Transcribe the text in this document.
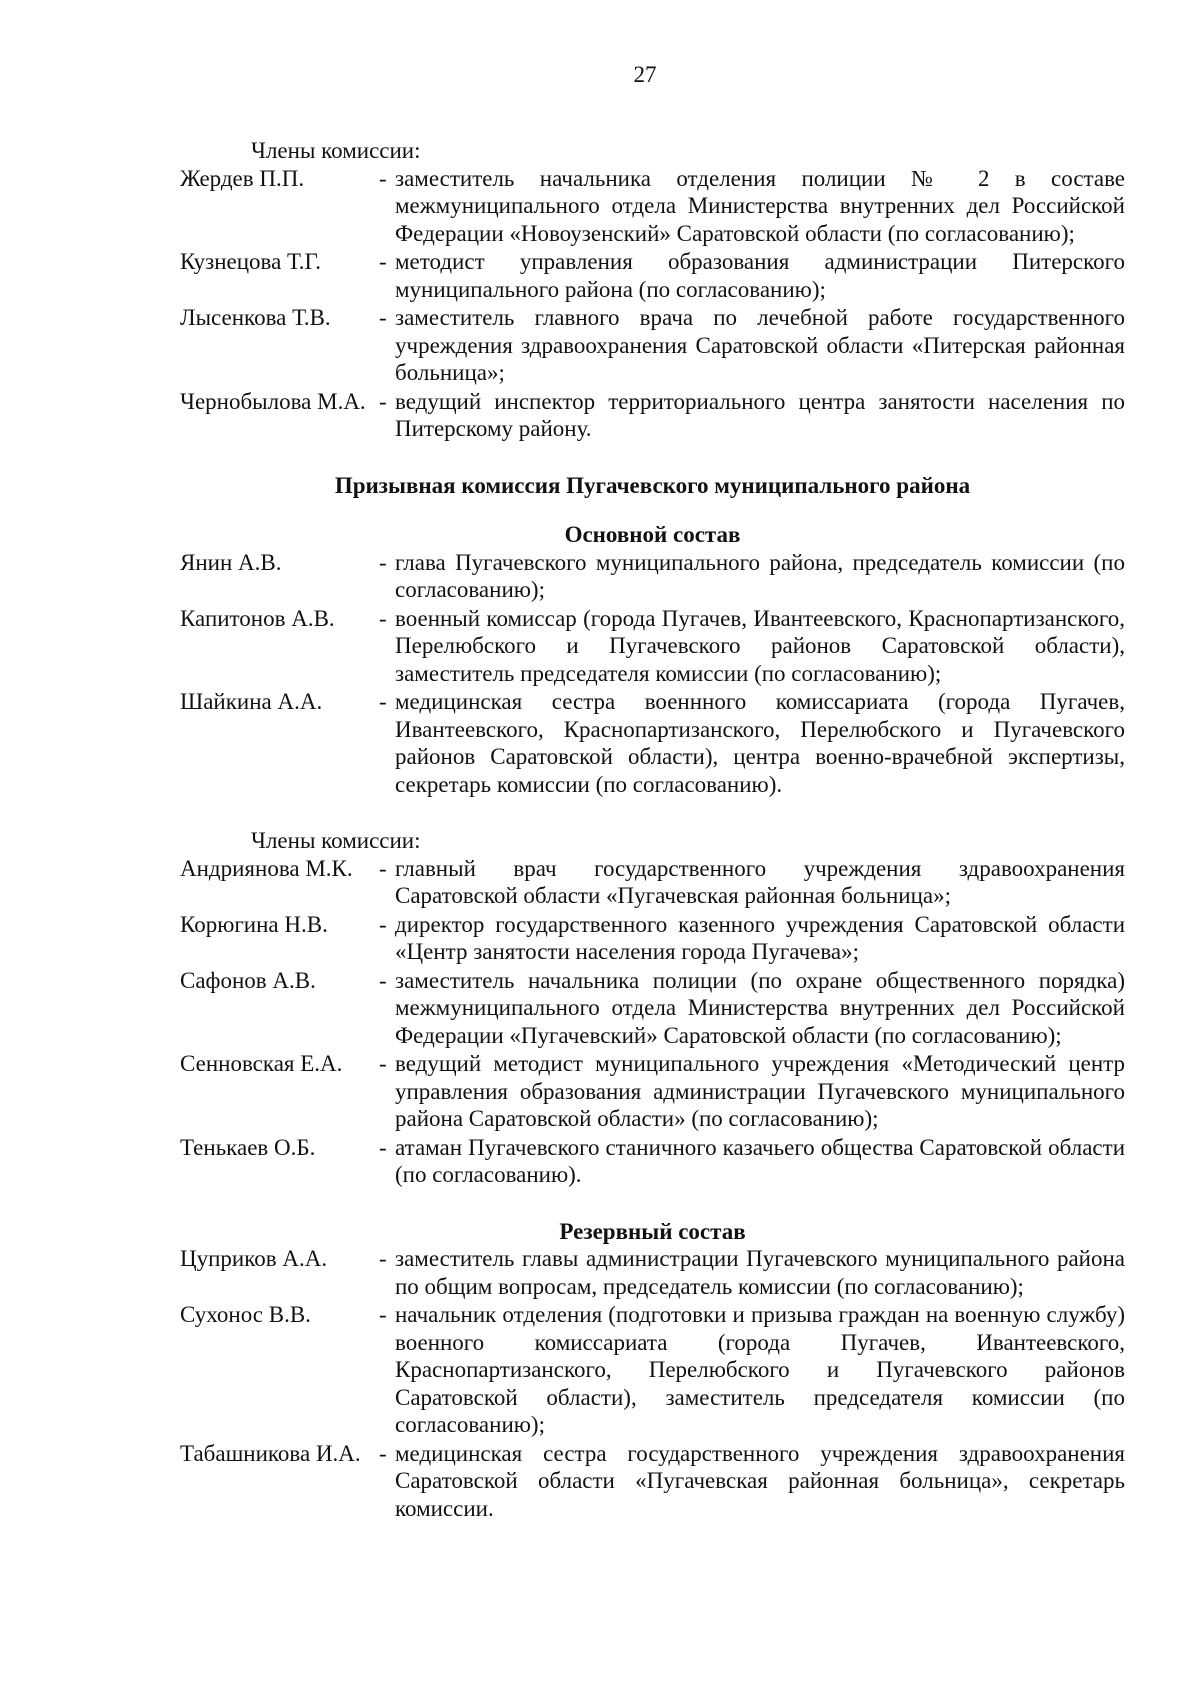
27

Члены комиссии:

Жердев П.П.	- заместитель начальника отделения полиции № 2 в составе межмуниципального отдела Министерства внутренних дел Российской Федерации «Новоузенский» Саратовской области (по согласованию);
Кузнецова Т.Г.	- методист управления образования администрации Питерского муниципального района (по согласованию);
Лысенкова Т.В.	- заместитель главного врача по лечебной работе государственного учреждения здравоохранения Саратовской области «Питерская районная больница»;
Чернобылова М.А. - ведущий инспектор территориального центра занятости населения по Питерскому району.

Призывная комиссия Пугачевского муниципального района

Основной состав

Янин А.В.	- глава Пугачевского муниципального района, председатель комиссии (по согласованию);
Капитонов А.В.	- военный комиссар (города Пугачев, Ивантеевского, Краснопартизанского, Перелюбского и Пугачевского районов Саратовской области), заместитель председателя комиссии (по согласованию);
Шайкина А.А.	- медицинская сестра военнного комиссариата (города Пугачев, Ивантеевского, Краснопартизанского, Перелюбского и Пугачевского районов Саратовской области), центра военно-врачебной экспертизы, секретарь комиссии (по согласованию).

Члены комиссии:

Андриянова М.К.	- главный врач государственного учреждения здравоохранения Саратовской области «Пугачевская районная больница»;
Корюгина Н.В.	- директор государственного казенного учреждения Саратовской области «Центр занятости населения города Пугачева»;
Сафонов А.В.	- заместитель начальника полиции (по охране общественного порядка) межмуниципального отдела Министерства внутренних дел Российской Федерации «Пугачевский» Саратовской области (по согласованию);
Сенновская Е.А.	- ведущий методист муниципального учреждения «Методический центр управления образования администрации Пугачевского муниципального района Саратовской области» (по согласованию);
Тенькаев О.Б.	- атаман Пугачевского станичного казачьего общества Саратовской области (по согласованию).

Резервный состав

Цуприков А.А.	- заместитель главы администрации Пугачевского муниципального района по общим вопросам, председатель комиссии (по согласованию);
Сухонос В.В.	- начальник отделения (подготовки и призыва граждан на военную службу) военного комиссариата (города Пугачев, Ивантеевского, Краснопартизанского, Перелюбского и Пугачевского районов Саратовской области), заместитель председателя комиссии (по согласованию);
Табашникова И.А. - медицинская сестра государственного учреждения здравоохранения Саратовской области «Пугачевская районная больница», секретарь комиссии.
